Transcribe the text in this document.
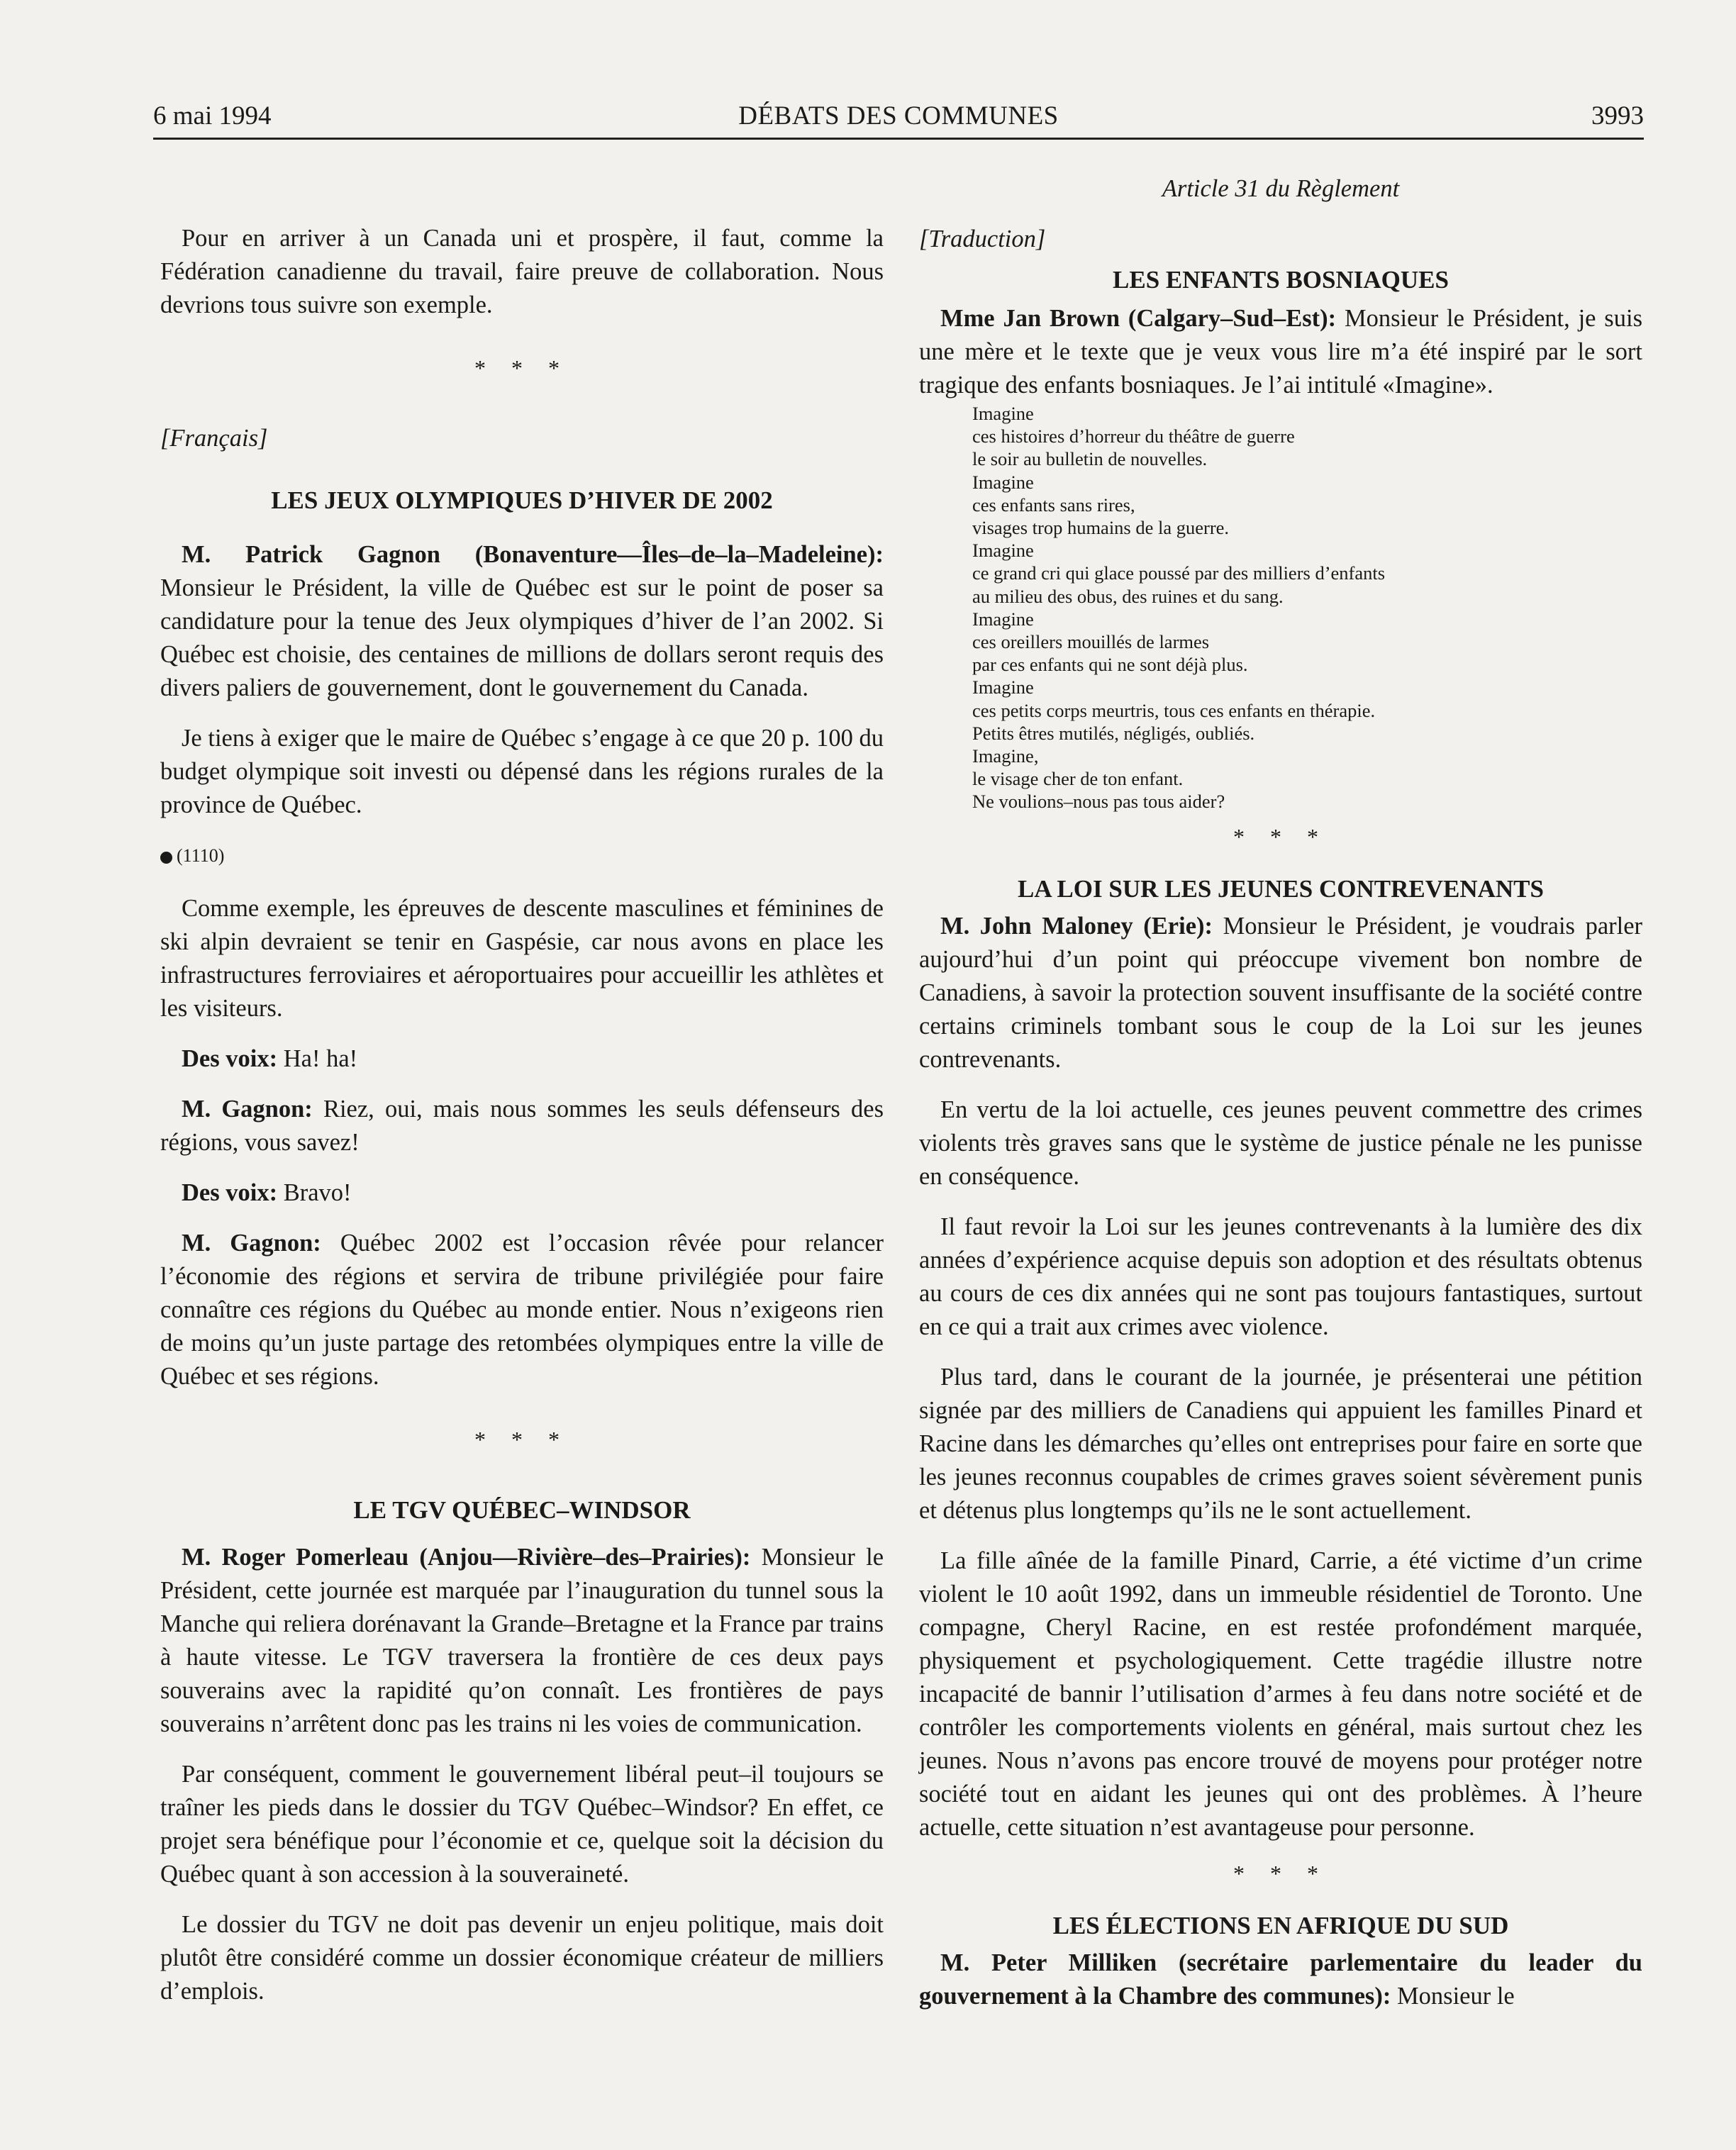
6 mai 1994	DÉBATS DES COMMUNES	3993

Pour en arriver à un Canada uni et prospère, il faut, comme la Fédération canadienne du travail, faire preuve de collaboration. Nous devrions tous suivre son exemple.

* * *
[Français]
LES JEUX OLYMPIQUES D’HIVER DE 2002

M. Patrick Gagnon (Bonaventure—Îles–de–la–Madeleine): Monsieur le Président, la ville de Québec est sur le point de poser sa candidature pour la tenue des Jeux olympiques d’hiver de l’an 2002. Si Québec est choisie, des centaines de millions de dollars seront requis des divers paliers de gouvernement, dont le gouvernement du Canada.

Je tiens à exiger que le maire de Québec s’engage à ce que 20 p. 100 du budget olympique soit investi ou dépensé dans les régions rurales de la province de Québec.

(1110)

Comme exemple, les épreuves de descente masculines et féminines de ski alpin devraient se tenir en Gaspésie, car nous avons en place les infrastructures ferroviaires et aéroportuaires pour accueillir les athlètes et les visiteurs.

Des voix: Ha! ha!

M. Gagnon: Riez, oui, mais nous sommes les seuls défenseurs des régions, vous savez!

Des voix: Bravo!

M. Gagnon: Québec 2002 est l’occasion rêvée pour relancer l’économie des régions et servira de tribune privilégiée pour faire connaître ces régions du Québec au monde entier. Nous n’exigeons rien de moins qu’un juste partage des retombées olympiques entre la ville de Québec et ses régions.

* * *
LE TGV QUÉBEC–WINDSOR

M. Roger Pomerleau (Anjou—Rivière–des–Prairies): Monsieur le Président, cette journée est marquée par l’inauguration du tunnel sous la Manche qui reliera dorénavant la Grande–Bretagne et la France par trains à haute vitesse. Le TGV traversera la frontière de ces deux pays souverains avec la rapidité qu’on connaît. Les frontières de pays souverains n’arrêtent donc pas les trains ni les voies de communication.

Par conséquent, comment le gouvernement libéral peut–il toujours se traîner les pieds dans le dossier du TGV Québec–Windsor? En effet, ce projet sera bénéfique pour l’économie et ce, quelque soit la décision du Québec quant à son accession à la souveraineté.

Le dossier du TGV ne doit pas devenir un enjeu politique, mais doit plutôt être considéré comme un dossier économique créateur de milliers d’emplois.

Article 31 du Règlement
[Traduction]
LES ENFANTS BOSNIAQUES

Mme Jan Brown (Calgary–Sud–Est): Monsieur le Président, je suis une mère et le texte que je veux vous lire m’a été inspiré par le sort tragique des enfants bosniaques. Je l’ai intitulé «Imagine».

Imagine
ces histoires d’horreur du théâtre de guerre
le soir au bulletin de nouvelles.
Imagine
ces enfants sans rires,
visages trop humains de la guerre.
Imagine
ce grand cri qui glace poussé par des milliers d’enfants
au milieu des obus, des ruines et du sang.
Imagine
ces oreillers mouillés de larmes
par ces enfants qui ne sont déjà plus.
Imagine
ces petits corps meurtris, tous ces enfants en thérapie.
Petits êtres mutilés, négligés, oubliés.
Imagine,
le visage cher de ton enfant.
Ne voulions–nous pas tous aider?
* * *
LA LOI SUR LES JEUNES CONTREVENANTS

M. John Maloney (Erie): Monsieur le Président, je voudrais parler aujourd’hui d’un point qui préoccupe vivement bon nombre de Canadiens, à savoir la protection souvent insuffisante de la société contre certains criminels tombant sous le coup de la Loi sur les jeunes contrevenants.

En vertu de la loi actuelle, ces jeunes peuvent commettre des crimes violents très graves sans que le système de justice pénale ne les punisse en conséquence.

Il faut revoir la Loi sur les jeunes contrevenants à la lumière des dix années d’expérience acquise depuis son adoption et des résultats obtenus au cours de ces dix années qui ne sont pas toujours fantastiques, surtout en ce qui a trait aux crimes avec violence.

Plus tard, dans le courant de la journée, je présenterai une pétition signée par des milliers de Canadiens qui appuient les familles Pinard et Racine dans les démarches qu’elles ont entreprises pour faire en sorte que les jeunes reconnus coupables de crimes graves soient sévèrement punis et détenus plus longtemps qu’ils ne le sont actuellement.

La fille aînée de la famille Pinard, Carrie, a été victime d’un crime violent le 10 août 1992, dans un immeuble résidentiel de Toronto. Une compagne, Cheryl Racine, en est restée profondément marquée, physiquement et psychologiquement. Cette tragédie illustre notre incapacité de bannir l’utilisation d’armes à feu dans notre société et de contrôler les comportements violents en général, mais surtout chez les jeunes. Nous n’avons pas encore trouvé de moyens pour protéger notre société tout en aidant les jeunes qui ont des problèmes. À l’heure actuelle, cette situation n’est avantageuse pour personne.

* * *
LES ÉLECTIONS EN AFRIQUE DU SUD

M. Peter Milliken (secrétaire parlementaire du leader du gouvernement à la Chambre des communes): Monsieur le
